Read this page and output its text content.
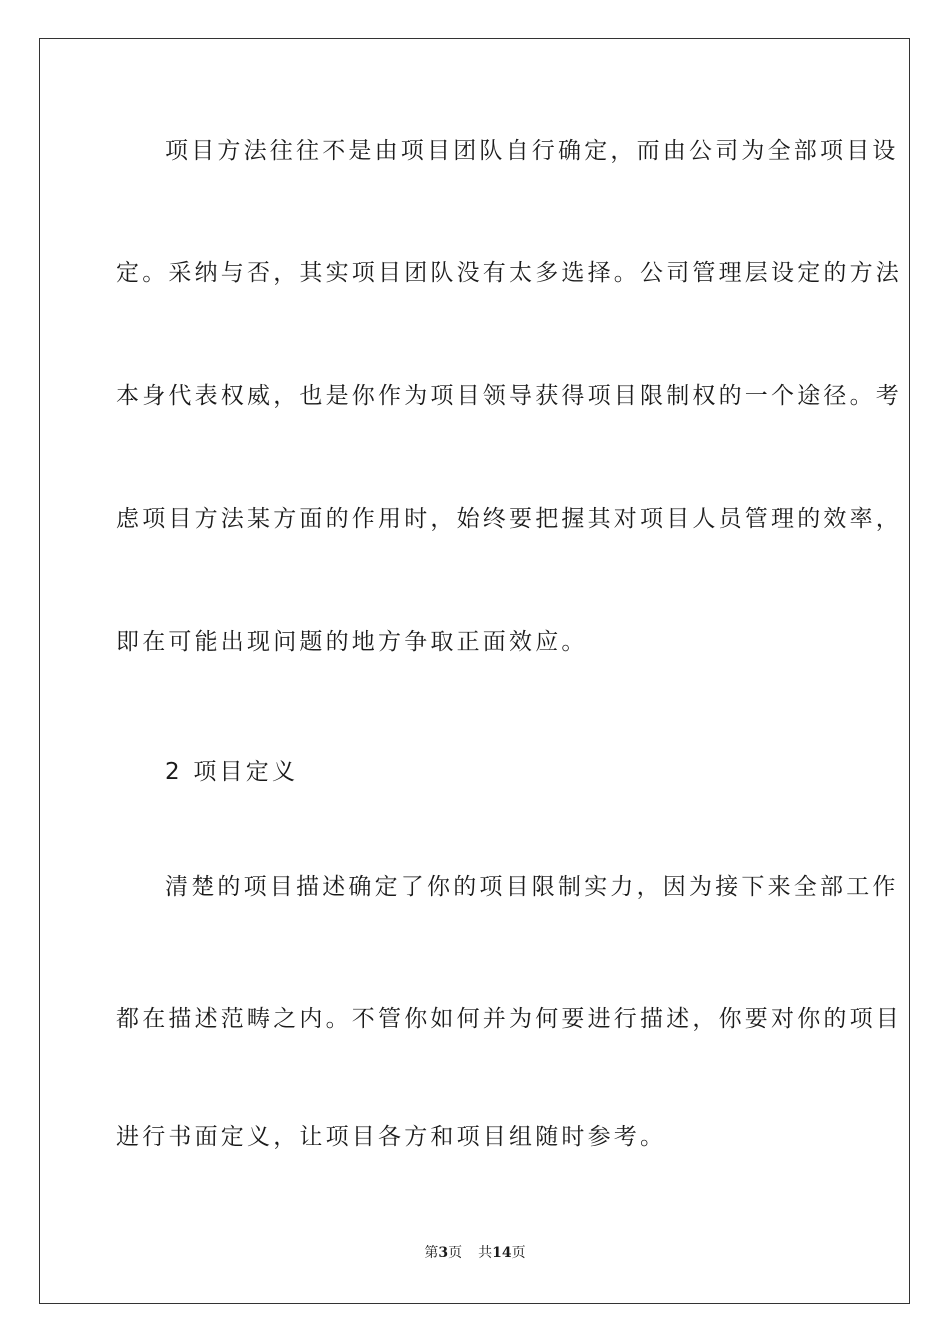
项目方法往往不是由项目团队自行确定，而由公司为全部项目设
定。采纳与否，其实项目团队没有太多选择。公司管理层设定的方法
本身代表权威，也是你作为项目领导获得项目限制权的一个途径。考
虑项目方法某方面的作用时，始终要把握其对项目人员管理的效率，
即在可能出现问题的地方争取正面效应。
2 项目定义
清楚的项目描述确定了你的项目限制实力，因为接下来全部工作
都在描述范畴之内。不管你如何并为何要进行描述，你要对你的项目
进行书面定义，让项目各方和项目组随时参考。
第3页 共14页
